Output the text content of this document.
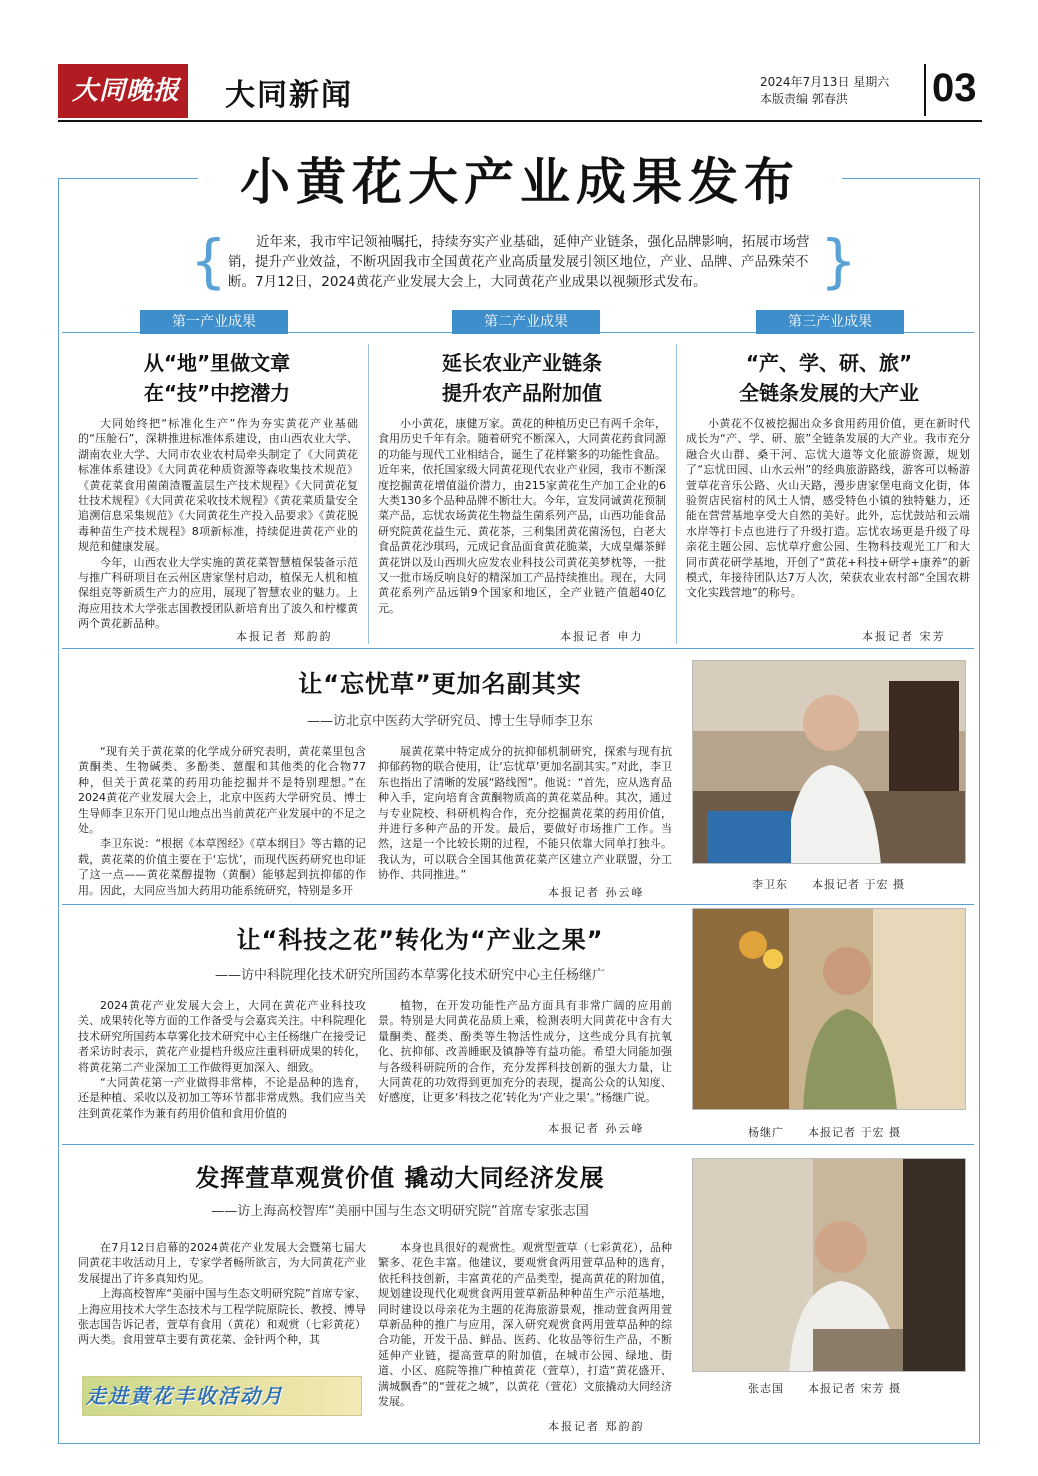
大同晚报 大同新闻	2024年7月13日 星期六
本版责编 郭春洪	03
小黄花大产业成果发布
{	}
近年来，我市牢记领袖嘱托，持续夯实产业基础，延伸产业链条，强化品牌影响，拓展市场营销，提升产业效益，不断巩固我市全国黄花产业高质量发展引领区地位，产业、品牌、产品殊荣不断。7月12日，2024黄花产业发展大会上，大同黄花产业成果以视频形式发布。
第一产业成果	第二产业成果	第三产业成果
从“地”里做文章
在“技”中挖潜力

大同始终把“标准化生产”作为夯实黄花产业基础的“压舱石”，深耕推进标准体系建设，由山西农业大学、湖南农业大学、大同市农业农村局牵头制定了《大同黄花标准体系建设》《大同黄花种质资源等森收集技术规范》《黄花菜食用菌菌渣覆盖层生产技术规程》《大同黄花复壮技术规程》《大同黄花采收技术规程》《黄花菜质量安全追溯信息采集规范》《大同黄花生产投入品要求》《黄花脱毒种苗生产技术规程》8项新标准，持续促进黄花产业的规范和健康发展。

今年，山西农业大学实施的黄花菜智慧植保装备示范与推广科研项目在云州区唐家堡村启动，植保无人机和植保组克等新质生产力的应用，展现了智慧农业的魅力。上海应用技术大学张志国教授团队新培育出了波久和柠檬黄两个黄花新品种。

本报记者 郑韵韵
延长农业产业链条
提升农产品附加值

小小黄花，康健万家。黄花的种植历史已有两千余年，食用历史千年有余。随着研究不断深入，大同黄花药食同源的功能与现代工业相结合，诞生了花样繁多的功能性食品。近年来，依托国家级大同黄花现代农业产业园，我市不断深度挖掘黄花增值溢价潜力，由215家黄花生产加工企业的6大类130多个品种品牌不断壮大。今年，宣发同诚黄花预制菜产品，忘忧农场黄花生物益生菌系列产品，山西功能食品研究院黄花益生元、黄花茶，三利集团黄花菌汤包，白老大食品黄花沙琪玛，元成记食品面食黄花脆菜，大成皇爆茶鲜黄花饼以及山西圳火应发农业科技公司黄花美梦枕等，一批又一批市场反响良好的精深加工产品持续推出。现在，大同黄花系列产品远销9个国家和地区，全产业链产值超40亿元。

本报记者 申力
“产、学、研、旅”
全链条发展的大产业

小黄花不仅被挖掘出众多食用药用价值，更在新时代成长为“产、学、研、旅”全链条发展的大产业。我市充分融合火山群、桑干河、忘忧大道等文化旅游资源，规划了“忘忧田园、山水云州”的经典旅游路线，游客可以畅游萱草花音乐公路、火山天路，漫步唐家堡电商文化街，体验贺店民宿村的风土人情，感受特色小镇的独特魅力，还能在营营基地享受大自然的美好。此外，忘忧鼓站和云端水岸等打卡点也进行了升级打造。忘忧农场更是升级了母亲花主题公园、忘忧草疗愈公园、生物科技观光工厂和大同市黄花研学基地，开创了“黄花+科技+研学+康养”的新模式，年接待团队达7万人次，荣获农业农村部“全国农耕文化实践营地”的称号。

本报记者 宋芳
让“忘忧草”更加名副其实
——访北京中医药大学研究员、博士生导师李卫东

“现有关于黄花菜的化学成分研究表明，黄花菜里包含黄酮类、生物碱类、多酚类、蒽醌和其他类的化合物77种，但关于黄花菜的药用功能挖掘并不是特别理想。”在2024黄花产业发展大会上，北京中医药大学研究员、博士生导师李卫东开门见山地点出当前黄花产业发展中的不足之处。

李卫东说：“根据《本草图经》《草本纲目》等古籍的记载，黄花菜的价值主要在于‘忘忧’，而现代医药研究也印证了这一点——黄花菜醇提物（黄酮）能够起到抗抑郁的作用。因此，大同应当加大药用功能系统研究，特别是多开

展黄花菜中特定成分的抗抑郁机制研究，探索与现有抗抑郁药物的联合使用，让‘忘忧草’更加名副其实。”对此，李卫东也指出了清晰的发展“路线图”。他说：“首先，应从选育品种入手，定向培育含黄酮物质高的黄花菜品种。其次，通过与专业院校、科研机构合作，充分挖掘黄花菜的药用价值，并进行多种产品的开发。最后，要做好市场推广工作。当然，这是一个比较长期的过程，不能只依靠大同单打独斗。我认为，可以联合全国其他黄花菜产区建立产业联盟，分工协作、共同推进。”

本报记者 孙云峰
李卫东　　本报记者 于宏 摄
让“科技之花”转化为“产业之果”
——访中科院理化技术研究所国药本草雾化技术研究中心主任杨继广

2024黄花产业发展大会上，大同在黄花产业科技攻关、成果转化等方面的工作备受与会嘉宾关注。中科院理化技术研究所国药本草雾化技术研究中心主任杨继广在接受记者采访时表示，黄花产业提档升级应注重科研成果的转化，将黄花第二产业深加工工作做得更加深入、细致。

“大同黄花第一产业做得非常棒，不论是品种的选育，还是种植、采收以及初加工等环节都非常成熟。我们应当关注到黄花菜作为兼有药用价值和食用价值的

植物，在开发功能性产品方面具有非常广阔的应用前景。特别是大同黄花品质上乘，检测表明大同黄花中含有大量酮类、醛类、酚类等生物活性成分，这些成分具有抗氧化、抗抑郁、改善睡眠及镇静等有益功能。希望大同能加强与各级科研院所的合作，充分发挥科技创新的强大力量，让大同黄花的功效得到更加充分的表现，提高公众的认知度、好感度，让更多‘科技之花’转化为‘产业之果’。”杨继广说。

本报记者 孙云峰	杨继广　　本报记者 于宏 摄
发挥萱草观赏价值 撬动大同经济发展
——访上海高校智库“美丽中国与生态文明研究院”首席专家张志国

在7月12日启幕的2024黄花产业发展大会暨第七届大同黄花丰收活动月上，专家学者畅所欲言，为大同黄花产业发展提出了许多真知灼见。

上海高校智库“美丽中国与生态文明研究院”首席专家、上海应用技术大学生态技术与工程学院原院长、教授、博导张志国告诉记者，萱草有食用（黄花）和观赏（七彩黄花）两大类。食用萱草主要有黄花菜、金针两个种，其

本身也具很好的观赏性。观赏型萱草（七彩黄花），品种繁多、花色丰富。他建议，要观赏食两用萱草品种的选育，依托科技创新，丰富黄花的产品类型，提高黄花的附加值，规划建设现代化观赏食两用萱草新品种种苗生产示范基地，同时建设以母亲花为主题的花海旅游景观，推动萱食两用萱草新品种的推广与应用，深入研究观赏食两用萱草品种的综合功能，开发干品、鲜品、医药、化妆品等衍生产品，不断延伸产业链，提高萱草的附加值，在城市公园、绿地、街道、小区、庭院等推广种植黄花（萱草），打造“黄花盛开、满城飘香”的“萱花之城”，以黄花（萱花）文旅撬动大同经济发展。

本报记者 郑韵韵
张志国　　本报记者 宋芳 摄
走进黄花丰收活动月
